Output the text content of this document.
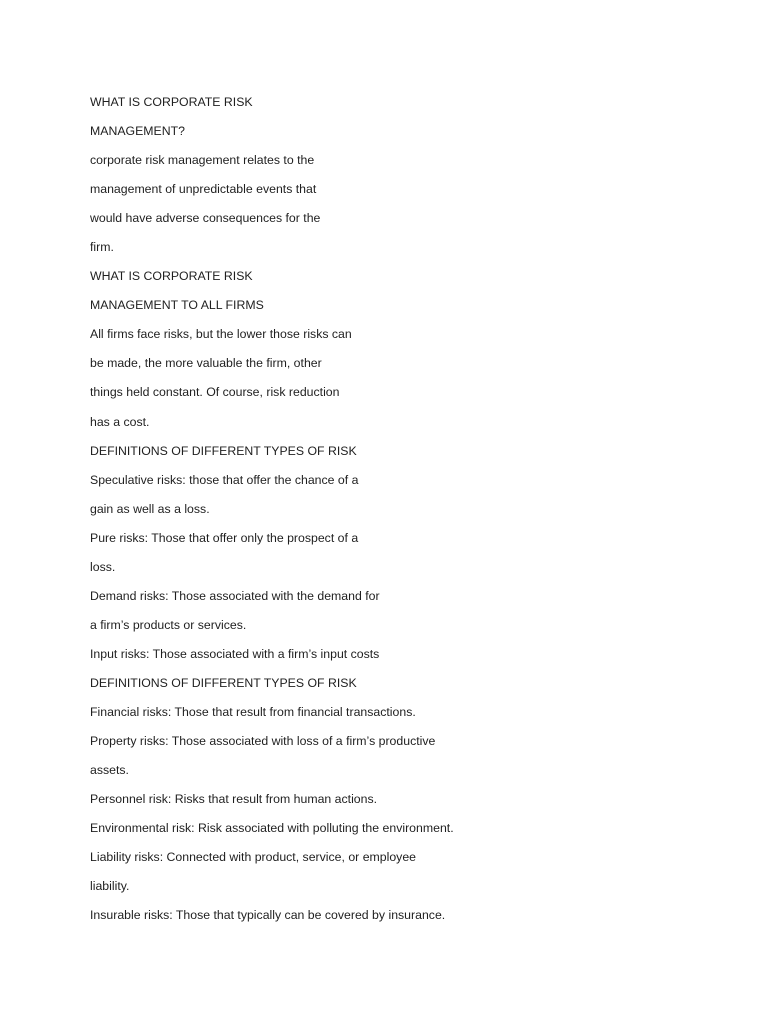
WHAT IS CORPORATE RISK

MANAGEMENT?

corporate risk management relates to the

management of unpredictable events that

would have adverse consequences for the

firm.

WHAT IS CORPORATE RISK

MANAGEMENT TO ALL FIRMS

All firms face risks, but the lower those risks can

be made, the more valuable the firm, other

things held constant. Of course, risk reduction

has a cost.

DEFINITIONS OF DIFFERENT TYPES OF RISK

Speculative risks: those that offer the chance of a

gain as well as a loss.

Pure risks: Those that offer only the prospect of a

loss.

Demand risks: Those associated with the demand for

a firm’s products or services.

Input risks: Those associated with a firm’s input costs

DEFINITIONS OF DIFFERENT TYPES OF RISK

Financial risks: Those that result from financial transactions.

Property risks: Those associated with loss of a firm’s productive

assets.

Personnel risk: Risks that result from human actions.

Environmental risk: Risk associated with polluting the environment.

Liability risks: Connected with product, service, or employee

liability.

Insurable risks: Those that typically can be covered by insurance.
